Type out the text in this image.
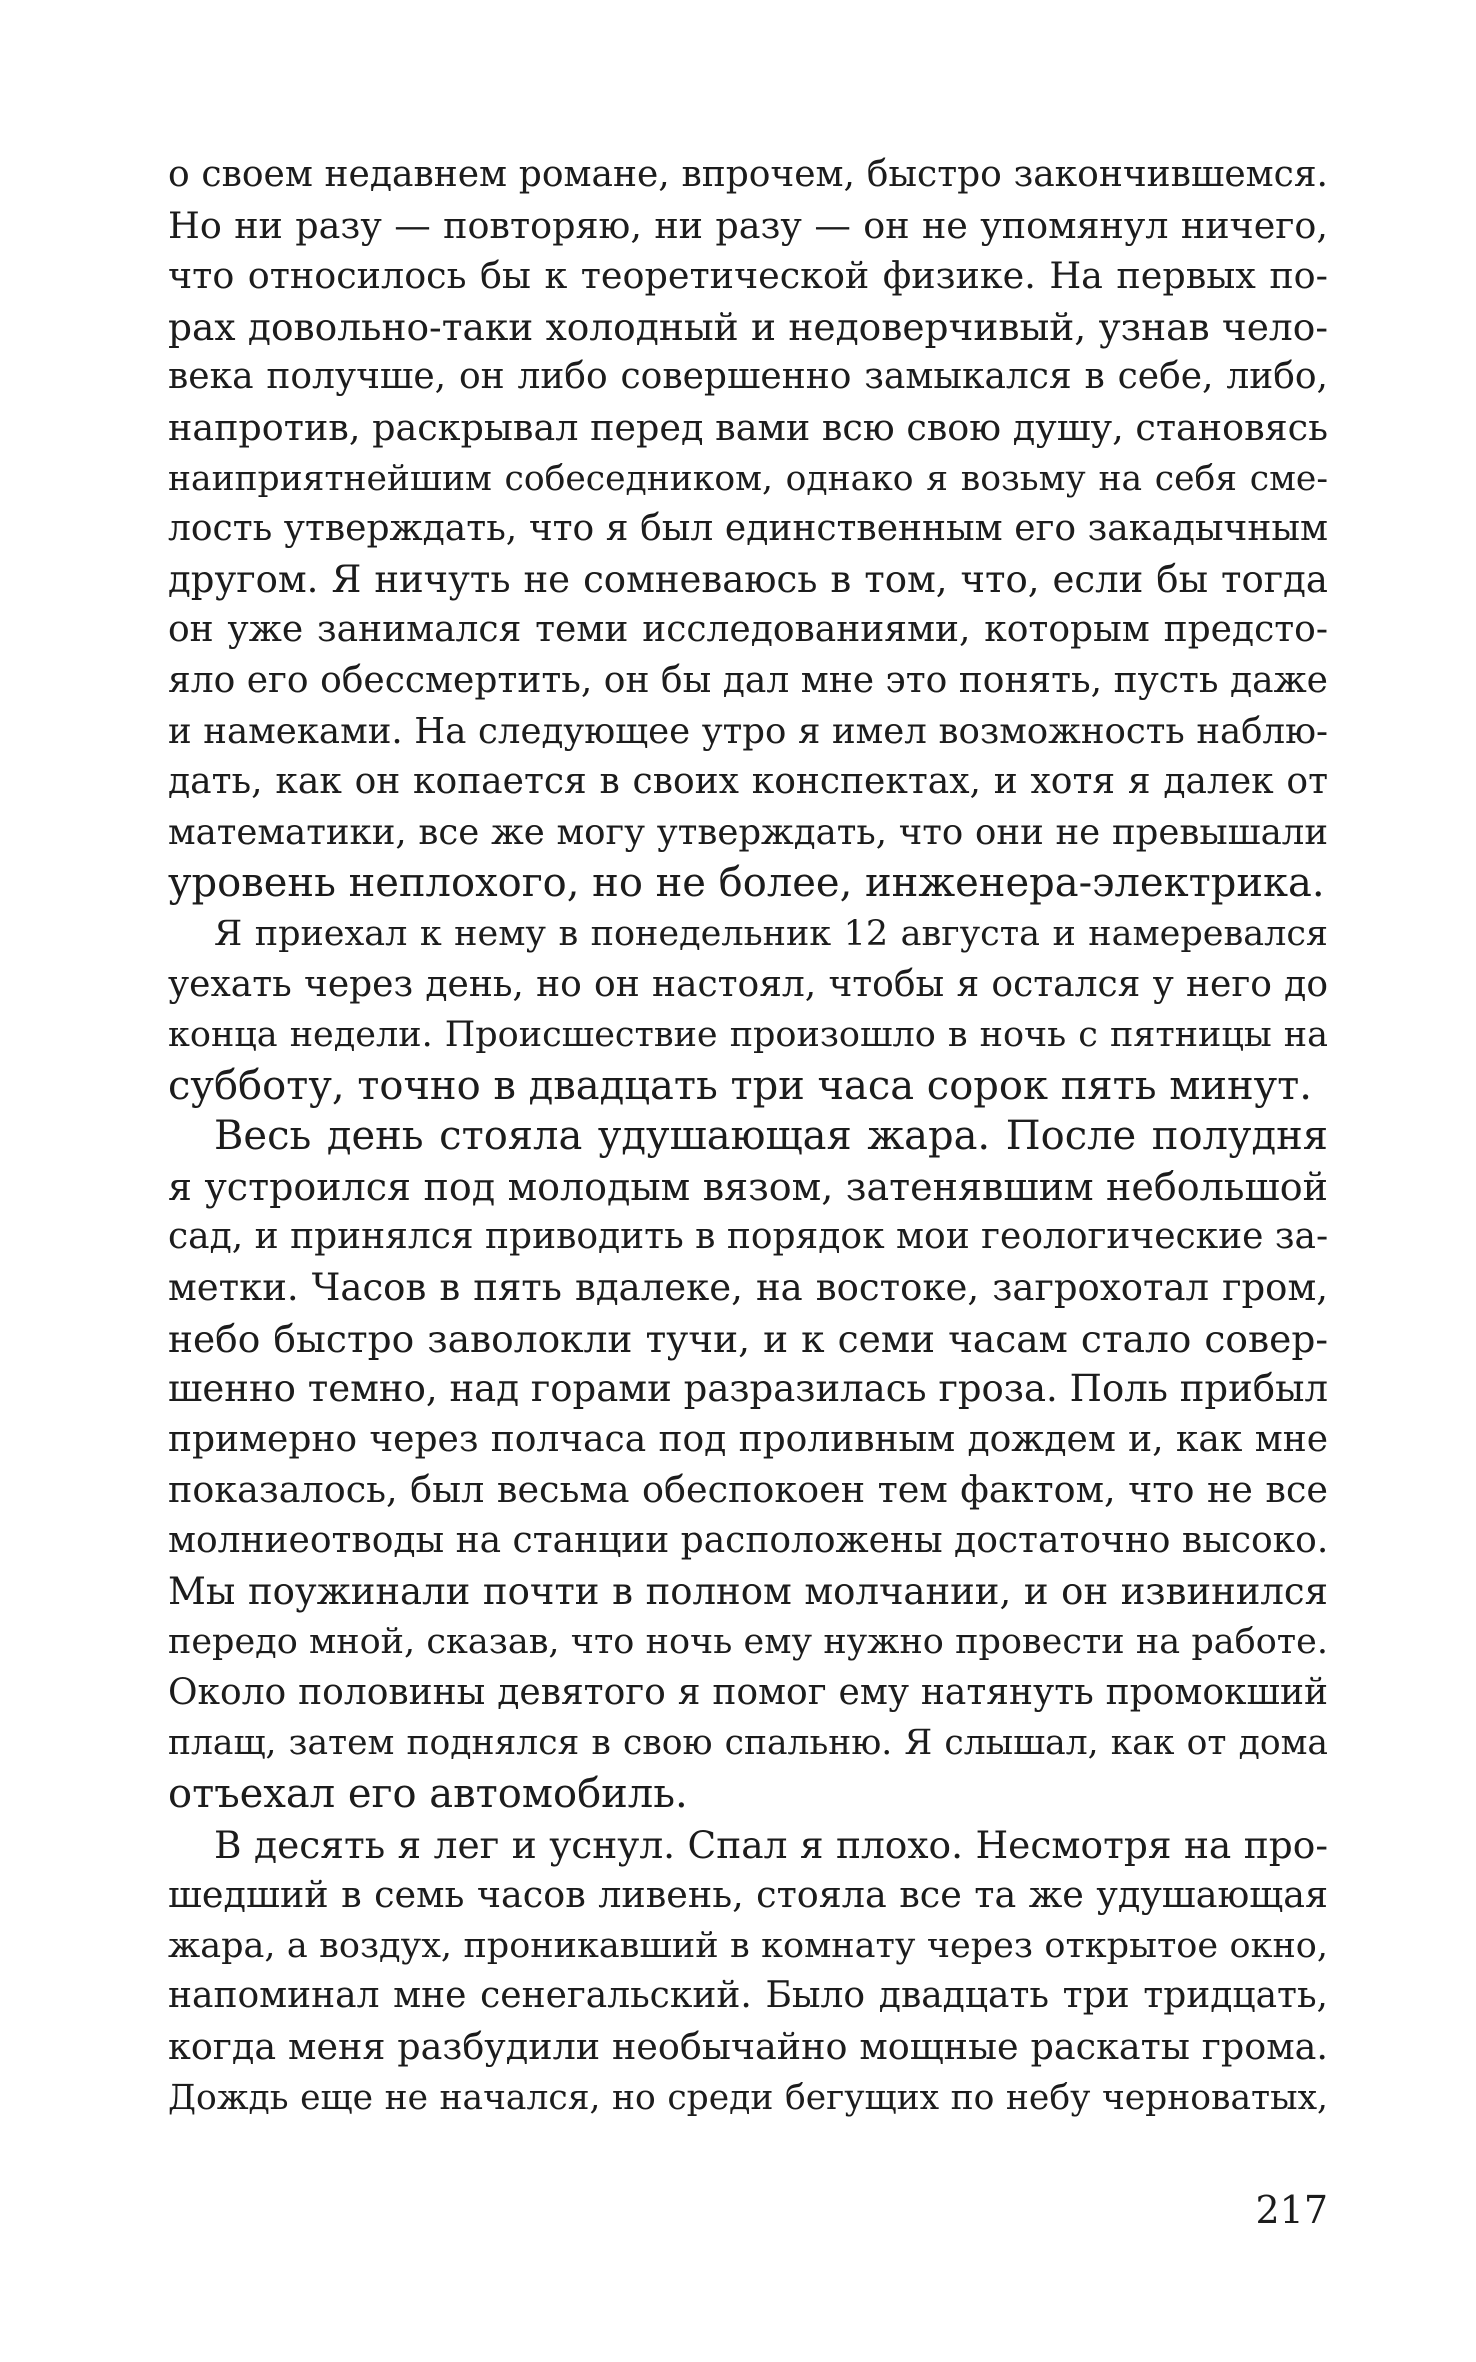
о своем недавнем романе, впрочем, быстро закончившемся.
Но ни разу — повторяю, ни разу — он не упомянул ничего,
что относилось бы к теоретической физике. На первых по-
рах довольно-таки холодный и недоверчивый, узнав чело-
века получше, он либо совершенно замыкался в себе, либо,
напротив, раскрывал перед вами всю свою душу, становясь
наиприятнейшим собеседником, однако я возьму на себя сме-
лость утверждать, что я был единственным его закадычным
другом. Я ничуть не сомневаюсь в том, что, если бы тогда
он уже занимался теми исследованиями, которым предсто-
яло его обессмертить, он бы дал мне это понять, пусть даже
и намеками. На следующее утро я имел возможность наблю-
дать, как он копается в своих конспектах, и хотя я далек от
математики, все же могу утверждать, что они не превышали
уровень неплохого, но не более, инженера-электрика.
Я приехал к нему в понедельник 12 августа и намеревался
уехать через день, но он настоял, чтобы я остался у него до
конца недели. Происшествие произошло в ночь с пятницы на
субботу, точно в двадцать три часа сорок пять минут.
Весь день стояла удушающая жара. После полудня
я устроился под молодым вязом, затенявшим небольшой
сад, и принялся приводить в порядок мои геологические за-
метки. Часов в пять вдалеке, на востоке, загрохотал гром,
небо быстро заволокли тучи, и к семи часам стало совер-
шенно темно, над горами разразилась гроза. Поль прибыл
примерно через полчаса под проливным дождем и, как мне
показалось, был весьма обеспокоен тем фактом, что не все
молниеотводы на станции расположены достаточно высоко.
Мы поужинали почти в полном молчании, и он извинился
передо мной, сказав, что ночь ему нужно провести на работе.
Около половины девятого я помог ему натянуть промокший
плащ, затем поднялся в свою спальню. Я слышал, как от дома
отъехал его автомобиль.
В десять я лег и уснул. Спал я плохо. Несмотря на про-
шедший в семь часов ливень, стояла все та же удушающая
жара, а воздух, проникавший в комнату через открытое окно,
напоминал мне сенегальский. Было двадцать три тридцать,
когда меня разбудили необычайно мощные раскаты грома.
Дождь еще не начался, но среди бегущих по небу черноватых,
217
